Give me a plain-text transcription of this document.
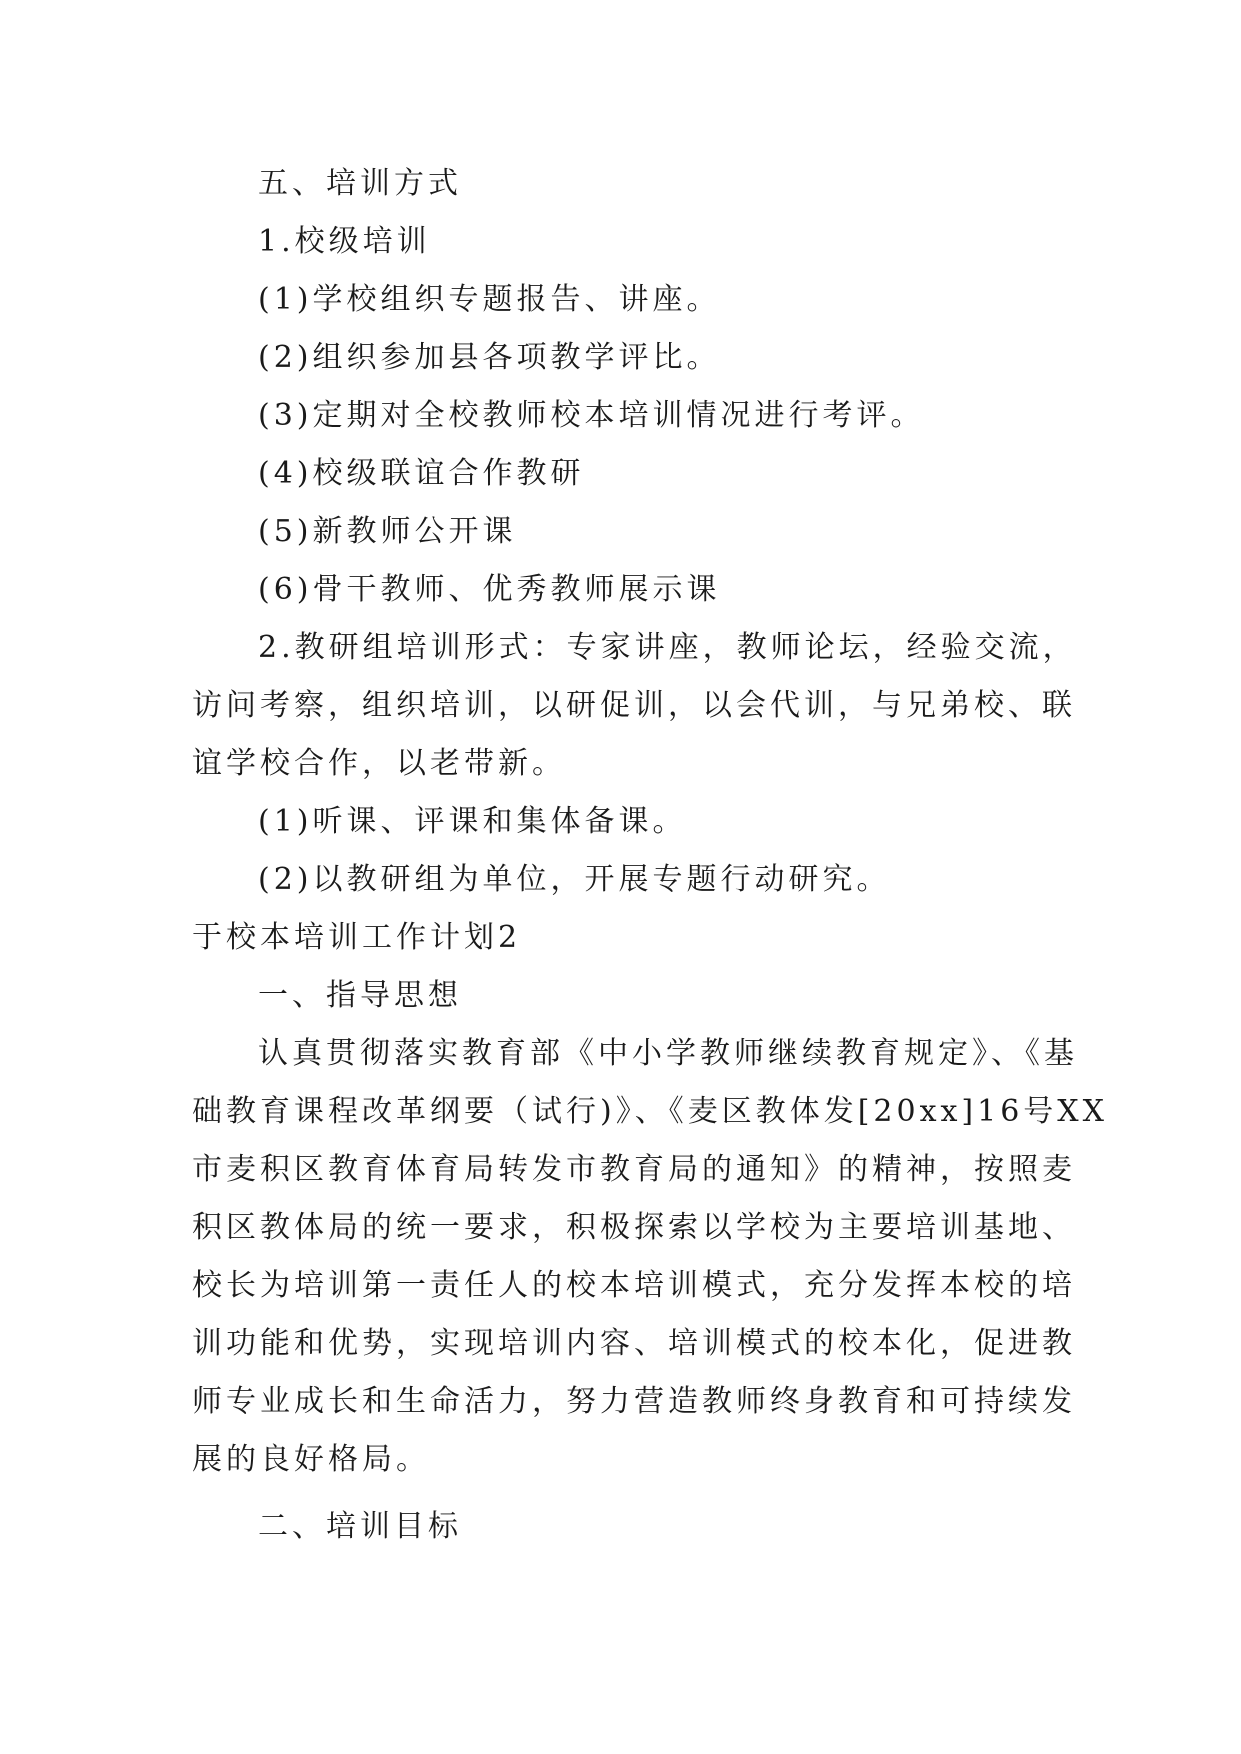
五、培训方式
1.校级培训
(1)学校组织专题报告、讲座。
(2)组织参加县各项教学评比。
(3)定期对全校教师校本培训情况进行考评。
(4)校级联谊合作教研
(5)新教师公开课
(6)骨干教师、优秀教师展示课
2.教研组培训形式：专家讲座，教师论坛，经验交流，
访问考察，组织培训，以研促训，以会代训，与兄弟校、联
谊学校合作，以老带新。
(1)听课、评课和集体备课。
(2)以教研组为单位，开展专题行动研究。
于校本培训工作计划2
一、指导思想
认真贯彻落实教育部《中小学教师继续教育规定》、《基
础教育课程改革纲要（试行)》、《麦区教体发[20xx]16号XX
市麦积区教育体育局转发市教育局的通知》的精神，按照麦
积区教体局的统一要求，积极探索以学校为主要培训基地、
校长为培训第一责任人的校本培训模式，充分发挥本校的培
训功能和优势，实现培训内容、培训模式的校本化，促进教
师专业成长和生命活力，努力营造教师终身教育和可持续发
展的良好格局。
二、培训目标
